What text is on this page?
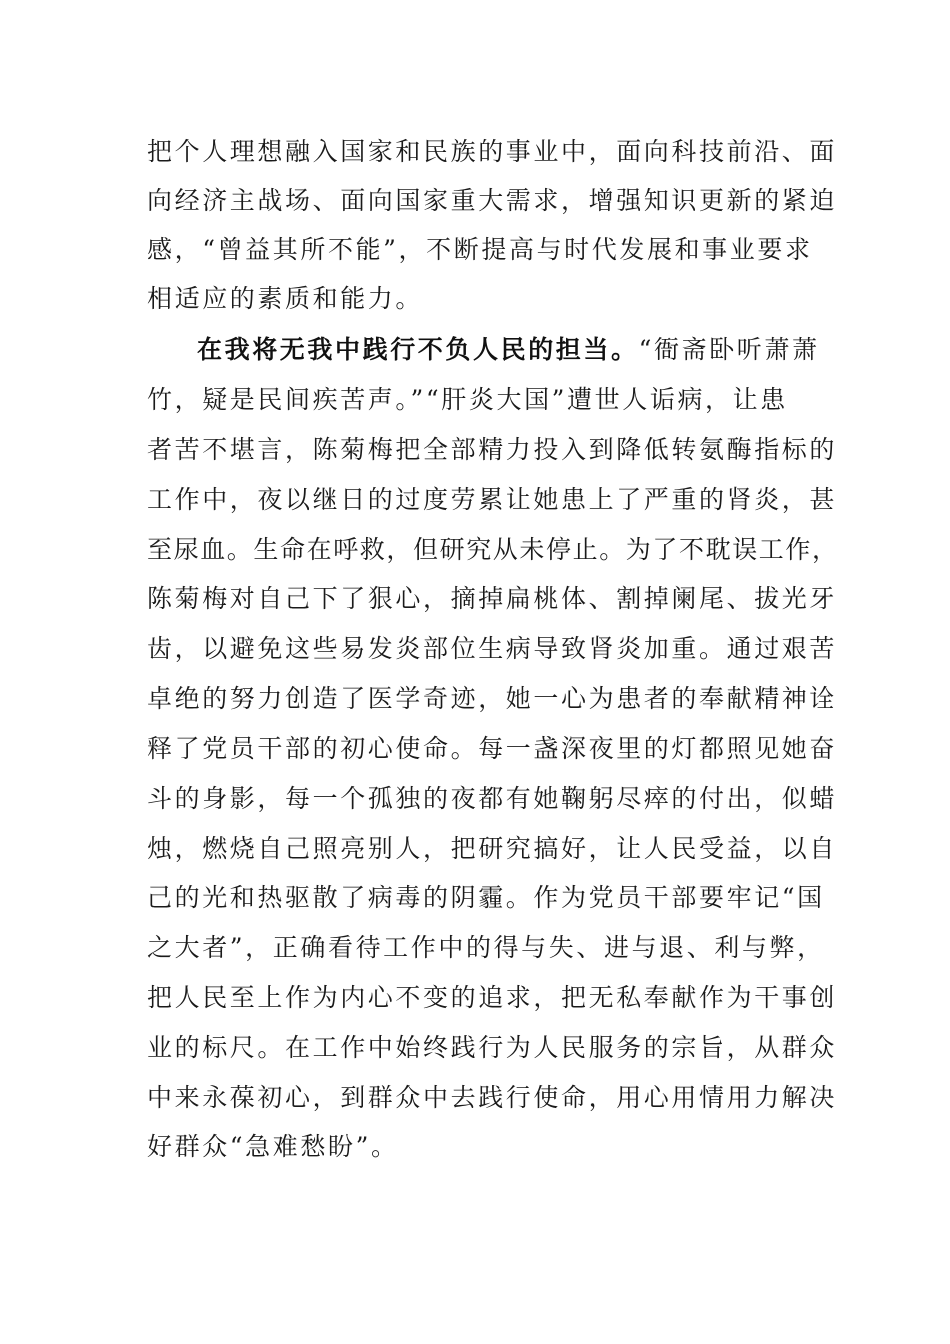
把个人理想融入国家和民族的事业中，面向科技前沿、面
向经济主战场、面向国家重大需求，增强知识更新的紧迫
感，“曾益其所不能”，不断提高与时代发展和事业要求
相适应的素质和能力。
在我将无我中践行不负人民的担当。“衙斋卧听萧萧
竹，疑是民间疾苦声。”“肝炎大国”遭世人诟病，让患
者苦不堪言，陈菊梅把全部精力投入到降低转氨酶指标的
工作中，夜以继日的过度劳累让她患上了严重的肾炎，甚
至尿血。生命在呼救，但研究从未停止。为了不耽误工作，
陈菊梅对自己下了狠心，摘掉扁桃体、割掉阑尾、拔光牙
齿，以避免这些易发炎部位生病导致肾炎加重。通过艰苦
卓绝的努力创造了医学奇迹，她一心为患者的奉献精神诠
释了党员干部的初心使命。每一盏深夜里的灯都照见她奋
斗的身影，每一个孤独的夜都有她鞠躬尽瘁的付出，似蜡
烛，燃烧自己照亮别人，把研究搞好，让人民受益，以自
己的光和热驱散了病毒的阴霾。作为党员干部要牢记“国
之大者”，正确看待工作中的得与失、进与退、利与弊，
把人民至上作为内心不变的追求，把无私奉献作为干事创
业的标尺。在工作中始终践行为人民服务的宗旨，从群众
中来永葆初心，到群众中去践行使命，用心用情用力解决
好群众“急难愁盼”。
